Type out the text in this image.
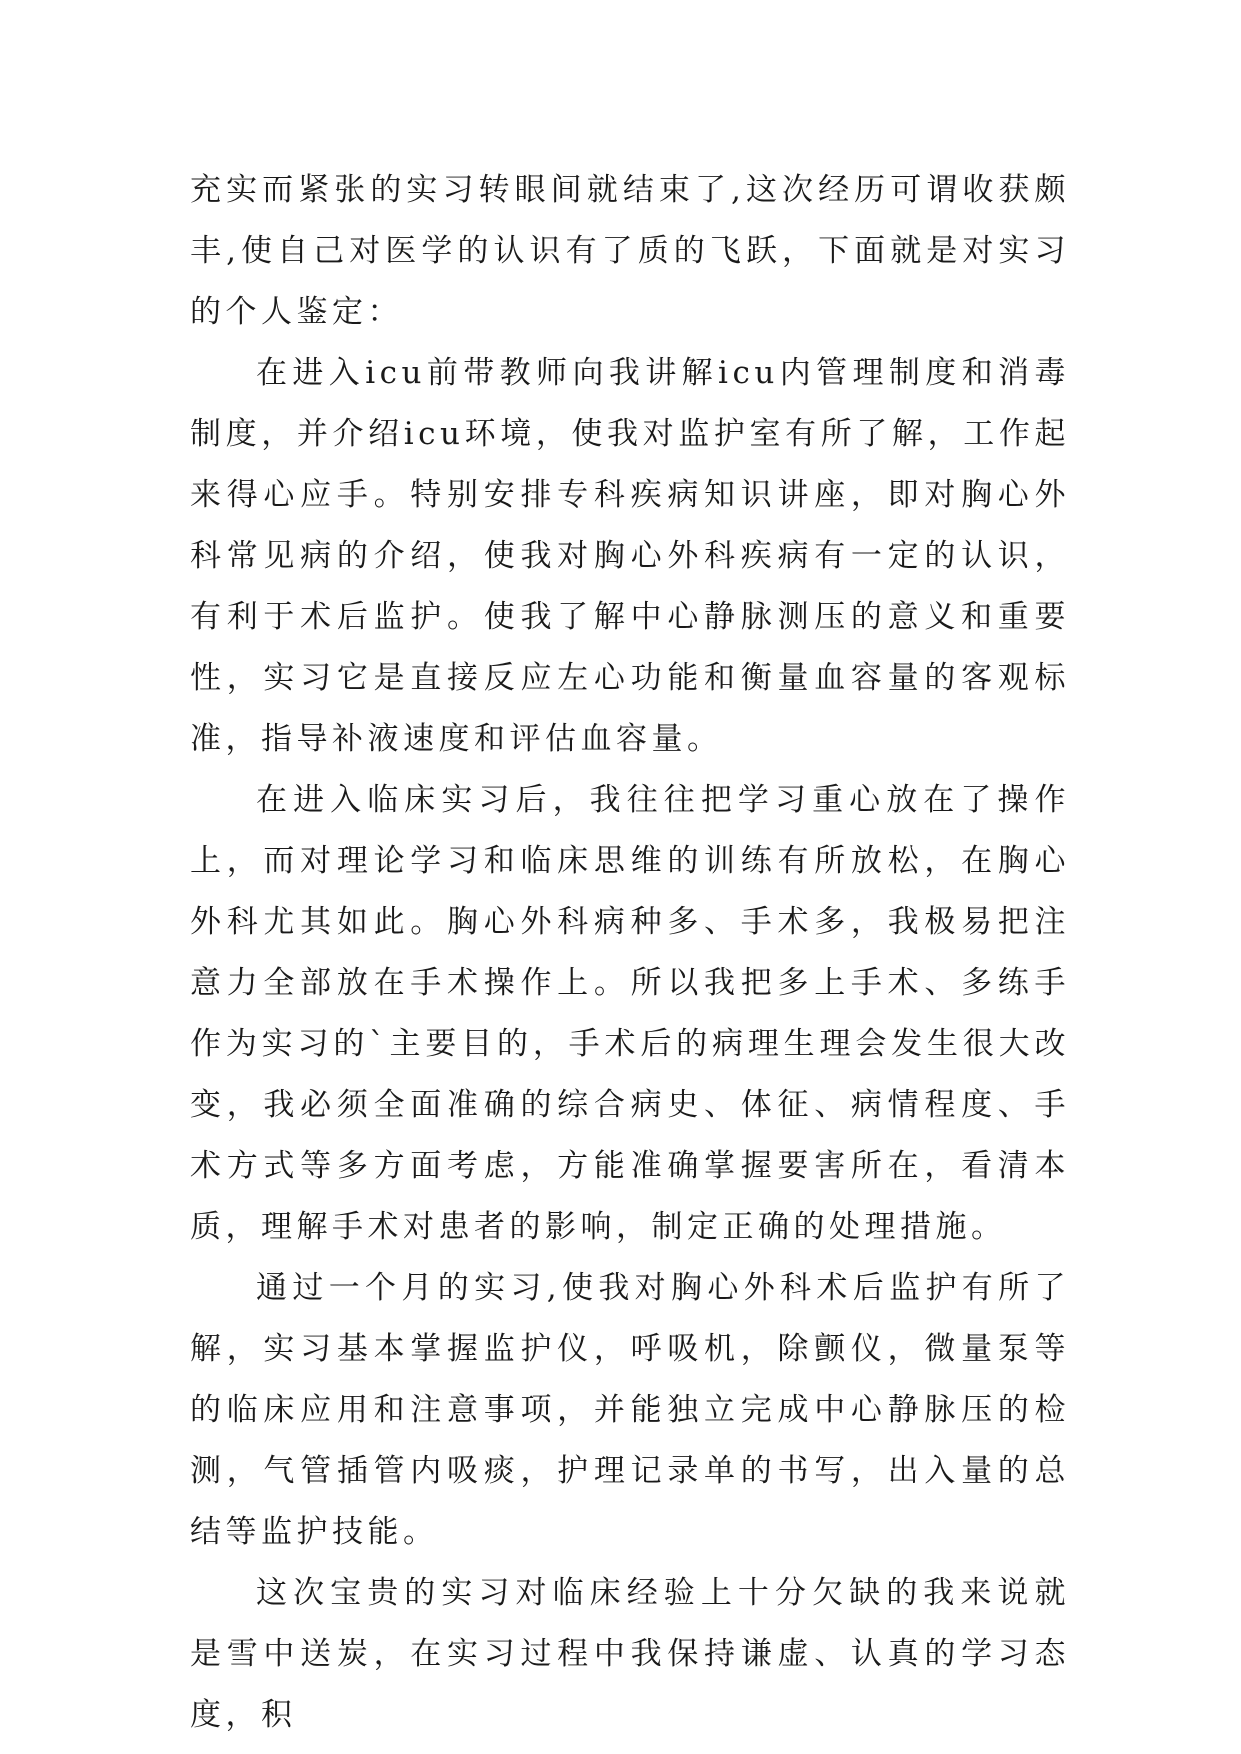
充实而紧张的实习转眼间就结束了,这次经历可谓收获颇丰,使自己对医学的认识有了质的飞跃，下面就是对实习的个人鉴定：

在进入icu前带教师向我讲解icu内管理制度和消毒制度，并介绍icu环境，使我对监护室有所了解，工作起来得心应手。特别安排专科疾病知识讲座，即对胸心外科常见病的介绍，使我对胸心外科疾病有一定的认识，有利于术后监护。使我了解中心静脉测压的意义和重要性，实习它是直接反应左心功能和衡量血容量的客观标准，指导补液速度和评估血容量。

在进入临床实习后，我往往把学习重心放在了操作上，而对理论学习和临床思维的训练有所放松，在胸心外科尤其如此。胸心外科病种多、手术多，我极易把注意力全部放在手术操作上。所以我把多上手术、多练手作为实习的`主要目的，手术后的病理生理会发生很大改变，我必须全面准确的综合病史、体征、病情程度、手术方式等多方面考虑，方能准确掌握要害所在，看清本质，理解手术对患者的影响，制定正确的处理措施。

通过一个月的实习,使我对胸心外科术后监护有所了解，实习基本掌握监护仪，呼吸机，除颤仪，微量泵等的临床应用和注意事项，并能独立完成中心静脉压的检测，气管插管内吸痰，护理记录单的书写，出入量的总结等监护技能。

这次宝贵的实习对临床经验上十分欠缺的我来说就是雪中送炭，在实习过程中我保持谦虚、认真的学习态度，积
